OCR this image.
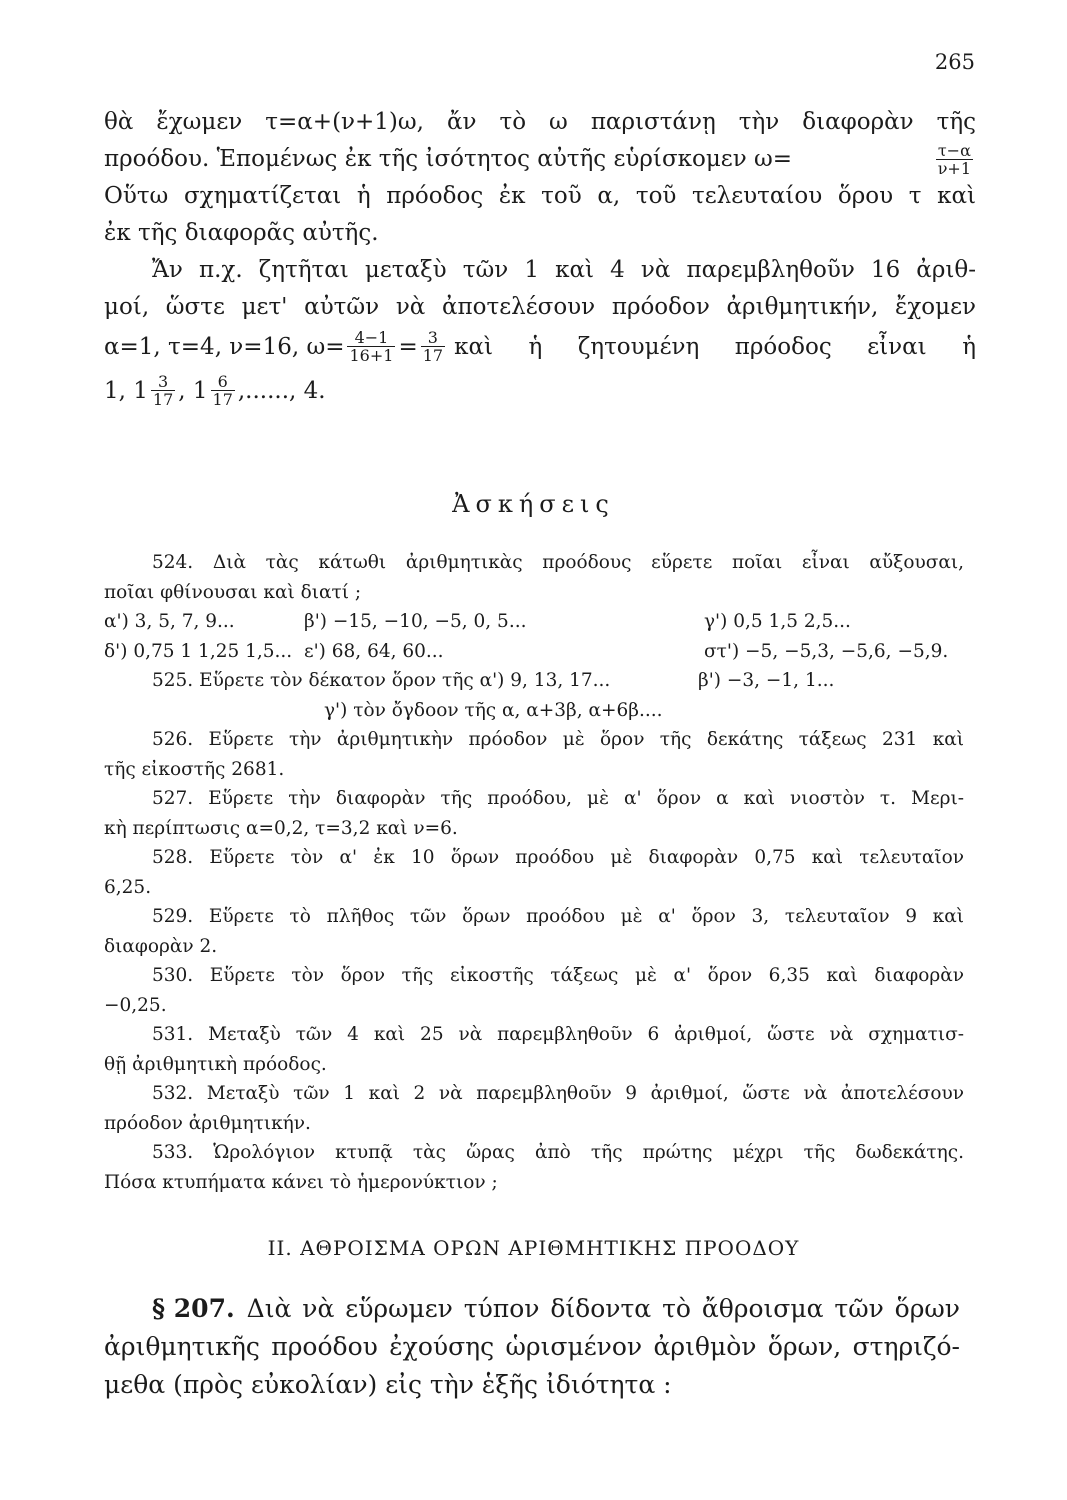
265
θὰ ἔχωμεν τ=α+(ν+1)ω, ἄν τὸ ω παριστάνῃ τὴν διαφορὰν τῆς
προόδου. Ἑπομένως ἐκ τῆς ἰσότητος αὐτῆς εὑρίσκομεν ω=	$\frac{\tau-\alpha}{\nu+1}$
Οὕτω σχηματίζεται ἡ πρόοδος ἐκ τοῦ α, τοῦ τελευταίου ὅρου τ καὶ
ἐκ τῆς διαφορᾶς αὐτῆς.
Ἄν π.χ. ζητῆται μεταξὺ τῶν 1 καὶ 4 νὰ παρεμβληθοῦν 16 ἀριθ-
μοί, ὥστε μετ' αὐτῶν νὰ ἀποτελέσουν πρόοδον ἀριθμητικήν, ἔχομεν
α=1, τ=4, ν=16, $\omega= \frac{4-1}{16+1} = \frac{3}{17}$ καὶ ἡ ζητουμένη πρόοδος εἶναι ἡ
1, $1 \frac{3}{17}$ , $1 \frac{6}{17}$ ,......, 4.
Ἀσκήσεις
524. Διὰ τὰς κάτωθι ἀριθμητικὰς προόδους εὕρετε ποῖαι εἶναι αὔξουσαι,
ποῖαι φθίνουσαι καὶ διατί ;
α') 3, 5, 7, 9...	β') −15, −10, −5, 0, 5...	γ') 0,5 1,5 2,5...
δ') 0,75 1 1,25 1,5... ε') 68, 64, 60...	στ') −5, −5,3, −5,6, −5,9.
525. Εὕρετε τὸν δέκατον ὅρον τῆς α') 9, 13, 17...	β') −3, −1, 1...
γ') τὸν ὄγδοον τῆς α, α+3β, α+6β....
526. Εὕρετε τὴν ἀριθμητικὴν πρόοδον μὲ ὅρον τῆς δεκάτης τάξεως 231 καὶ
τῆς εἰκοστῆς 2681.
527. Εὕρετε τὴν διαφορὰν τῆς προόδου, μὲ α' ὅρον α καὶ νιοστὸν τ. Μερι-
κὴ περίπτωσις α=0,2, τ=3,2 καὶ ν=6.
528. Εὕρετε τὸν α' ἐκ 10 ὅρων προόδου μὲ διαφορὰν 0,75 καὶ τελευταῖον
6,25.
529. Εὕρετε τὸ πλῆθος τῶν ὅρων προόδου μὲ α' ὅρον 3, τελευταῖον 9 καὶ
διαφορὰν 2.
530. Εὕρετε τὸν ὅρον τῆς εἰκοστῆς τάξεως μὲ α' ὅρον 6,35 καὶ διαφορὰν
−0,25.
531. Μεταξὺ τῶν 4 καὶ 25 νὰ παρεμβληθοῦν 6 ἀριθμοί, ὥστε νὰ σχηματισ-
θῇ ἀριθμητικὴ πρόοδος.
532. Μεταξὺ τῶν 1 καὶ 2 νὰ παρεμβληθοῦν 9 ἀριθμοί, ὥστε νὰ ἀποτελέσουν
πρόοδον ἀριθμητικήν.
533. Ὡρολόγιον κτυπᾷ τὰς ὥρας ἀπὸ τῆς πρώτης μέχρι τῆς δωδεκάτης.
Πόσα κτυπήματα κάνει τὸ ἡμερονύκτιον ;
ΙΙ. ΑΘΡΟΙΣΜΑ ΟΡΩΝ ΑΡΙΘΜΗΤΙΚΗΣ ΠΡΟΟΔΟΥ
§ 207. Διὰ νὰ εὕρωμεν τύπον δίδοντα τὸ ἄθροισμα τῶν ὅρων
ἀριθμητικῆς προόδου ἐχούσης ὡρισμένον ἀριθμὸν ὅρων, στηριζό-
μεθα (πρὸς εὐκολίαν) εἰς τὴν ἑξῆς ἰδιότητα :
